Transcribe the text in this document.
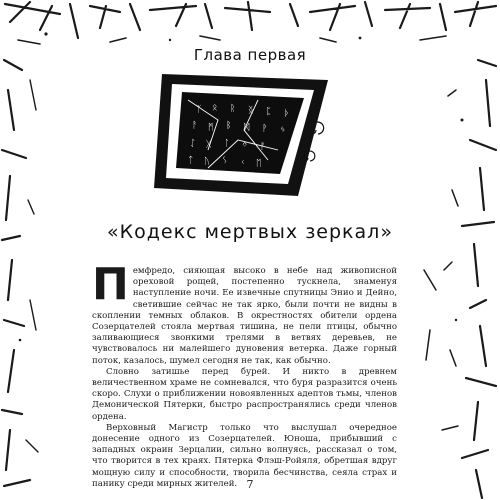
Глава первая
ᛉ ᛟ ᚱ ᛝ ᛈ ᚦ
ᚨ ᛗ ᛒ ᛞ ᚹ ᛃ
ᛇ ᚷ ᛚ ᛜ ᚠ
ᛏ ᚢ ᛊ ᚲ ᛖ
«Кодекс мертвых зеркал»

Пемфредо, сияющая высоко в небе над живописной ореховой рощей, постепенно тускнела, знаменуя наступление ночи. Ее извечные спутницы Энио и Дейно, светившие сейчас не так ярко, были почти не видны в скоплении темных облаков. В окрестностях обители ордена Созерцателей стояла мертвая тишина, не пели птицы, обычно заливающиеся звонкими трелями в ветвях деревьев, не чувствовалось ни малейшего дуновения ветерка. Даже горный поток, казалось, шумел сегодня не так, как обычно.

Словно затишье перед бурей. И никто в древнем величественном храме не сомневался, что буря разразится очень скоро. Слухи о приближении новоявленных адептов тьмы, членов Демонической Пятерки, быстро распространялись среди членов ордена.

Верховный Магистр только что выслушал очередное донесение одного из Созерцателей. Юноша, прибывший с западных окраин Зерцалии, сильно волнуясь, рассказал о том, что творится в тех краях. Пятерка Флэш-Ройяля, обретшая вдруг мощную силу и способности, творила бесчинства, сеяла страх и панику среди мирных жителей. 7
